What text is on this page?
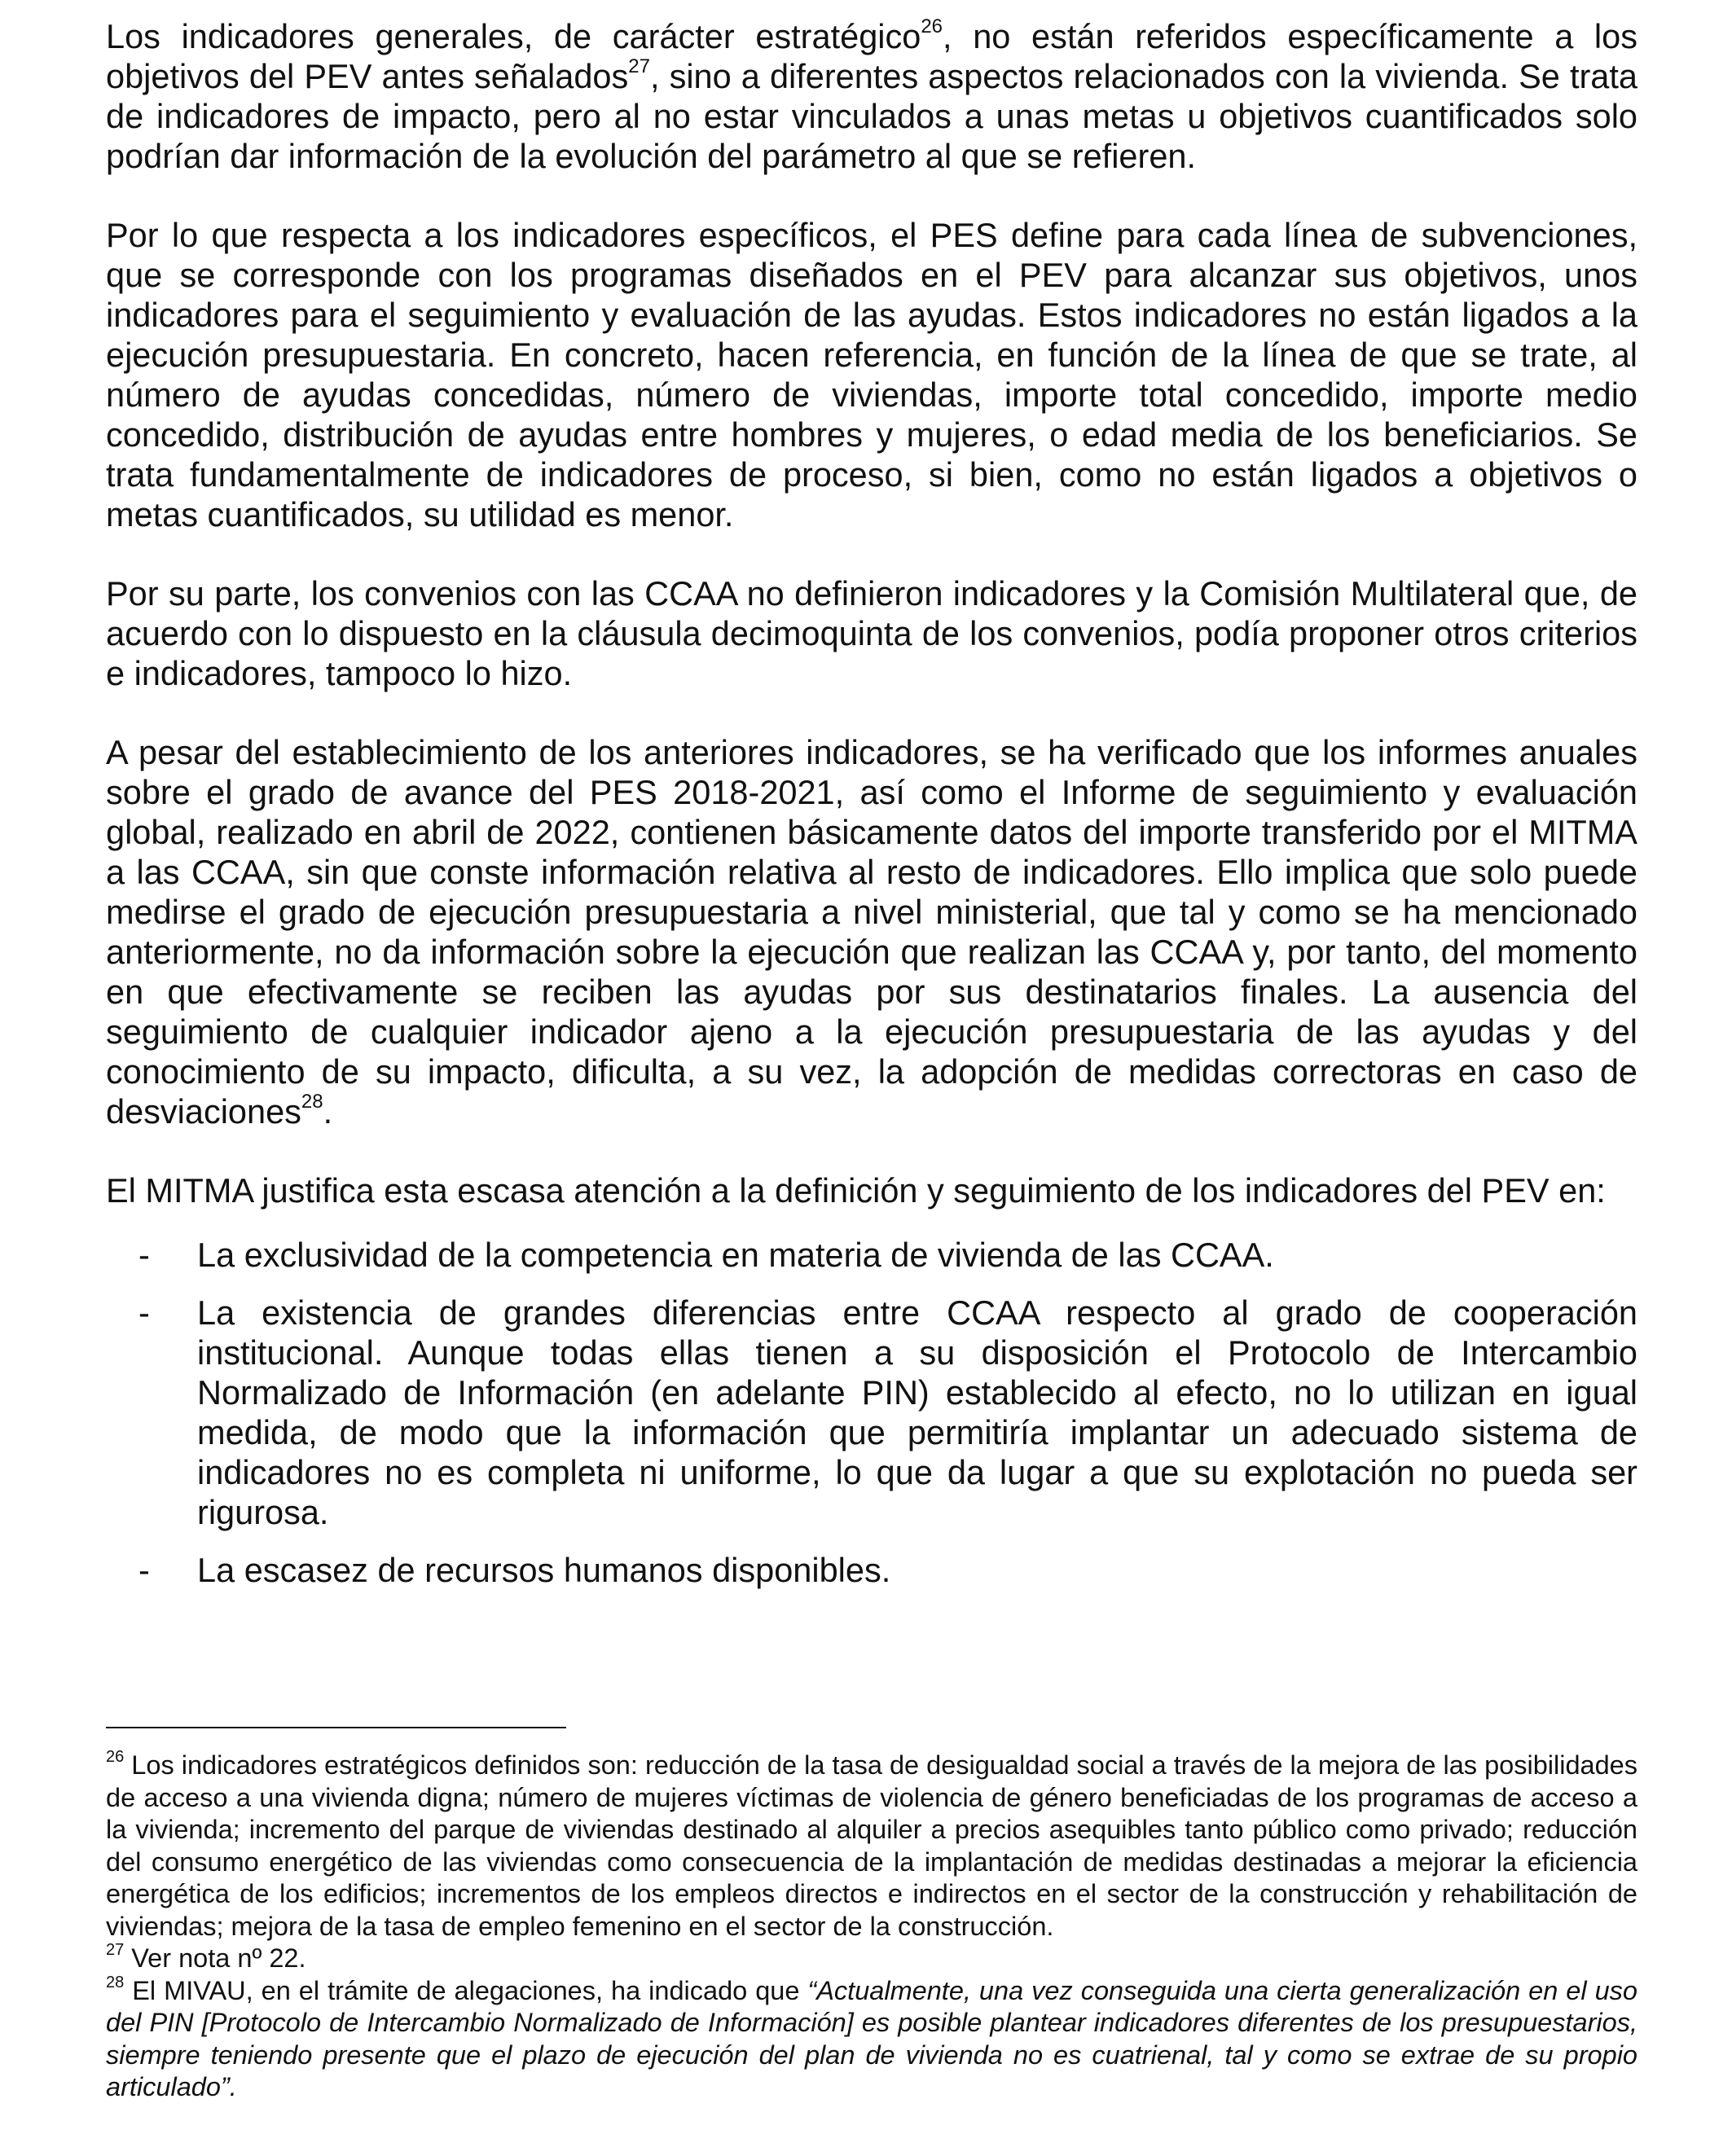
Los indicadores generales, de carácter estratégico$^{26}$, no están referidos específicamente a los objetivos del PEV antes señalados$^{27}$, sino a diferentes aspectos relacionados con la vivienda. Se trata de indicadores de impacto, pero al no estar vinculados a unas metas u objetivos cuantificados solo podrían dar información de la evolución del parámetro al que se refieren.

Por lo que respecta a los indicadores específicos, el PES define para cada línea de subvenciones, que se corresponde con los programas diseñados en el PEV para alcanzar sus objetivos, unos indicadores para el seguimiento y evaluación de las ayudas. Estos indicadores no están ligados a la ejecución presupuestaria. En concreto, hacen referencia, en función de la línea de que se trate, al número de ayudas concedidas, número de viviendas, importe total concedido, importe medio concedido, distribución de ayudas entre hombres y mujeres, o edad media de los beneficiarios. Se trata fundamentalmente de indicadores de proceso, si bien, como no están ligados a objetivos o metas cuantificados, su utilidad es menor.

Por su parte, los convenios con las CCAA no definieron indicadores y la Comisión Multilateral que, de acuerdo con lo dispuesto en la cláusula decimoquinta de los convenios, podía proponer otros criterios e indicadores, tampoco lo hizo.

A pesar del establecimiento de los anteriores indicadores, se ha verificado que los informes anuales sobre el grado de avance del PES 2018-2021, así como el Informe de seguimiento y evaluación global, realizado en abril de 2022, contienen básicamente datos del importe transferido por el MITMA a las CCAA, sin que conste información relativa al resto de indicadores. Ello implica que solo puede medirse el grado de ejecución presupuestaria a nivel ministerial, que tal y como se ha mencionado anteriormente, no da información sobre la ejecución que realizan las CCAA y, por tanto, del momento en que efectivamente se reciben las ayudas por sus destinatarios finales. La ausencia del seguimiento de cualquier indicador ajeno a la ejecución presupuestaria de las ayudas y del conocimiento de su impacto, dificulta, a su vez, la adopción de medidas correctoras en caso de desviaciones$^{28}$.

El MITMA justifica esta escasa atención a la definición y seguimiento de los indicadores del PEV en:

- La exclusividad de la competencia en materia de vivienda de las CCAA.
- La existencia de grandes diferencias entre CCAA respecto al grado de cooperación institucional. Aunque todas ellas tienen a su disposición el Protocolo de Intercambio Normalizado de Información (en adelante PIN) establecido al efecto, no lo utilizan en igual medida, de modo que la información que permitiría implantar un adecuado sistema de indicadores no es completa ni uniforme, lo que da lugar a que su explotación no pueda ser rigurosa.
- La escasez de recursos humanos disponibles.

$^{26}$ Los indicadores estratégicos definidos son: reducción de la tasa de desigualdad social a través de la mejora de las posibilidades de acceso a una vivienda digna; número de mujeres víctimas de violencia de género beneficiadas de los programas de acceso a la vivienda; incremento del parque de viviendas destinado al alquiler a precios asequibles tanto público como privado; reducción del consumo energético de las viviendas como consecuencia de la implantación de medidas destinadas a mejorar la eficiencia energética de los edificios; incrementos de los empleos directos e indirectos en el sector de la construcción y rehabilitación de viviendas; mejora de la tasa de empleo femenino en el sector de la construcción.

$^{27}$ Ver nota nº 22.

$^{28}$ El MIVAU, en el trámite de alegaciones, ha indicado que “Actualmente, una vez conseguida una cierta generalización en el uso del PIN [Protocolo de Intercambio Normalizado de Información] es posible plantear indicadores diferentes de los presupuestarios, siempre teniendo presente que el plazo de ejecución del plan de vivienda no es cuatrienal, tal y como se extrae de su propio articulado”.
